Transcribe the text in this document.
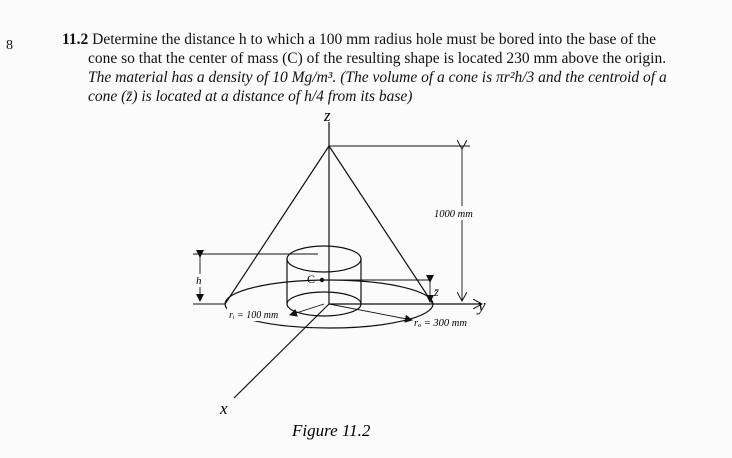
8	11.2 Determine the distance h to which a 100 mm radius hole must be bored into the base of the
cone so that the center of mass (C) of the resulting shape is located 230 mm above the origin.
The material has a density of 10 Mg/m³. (The volume of a cone is πr²h/3 and the centroid of a
cone (z̄) is located at a distance of h/4 from its base)
z
C
1000 mm
z̄
h
y
x
rᵢ = 100 mm
rₒ = 300 mm
Figure 11.2
